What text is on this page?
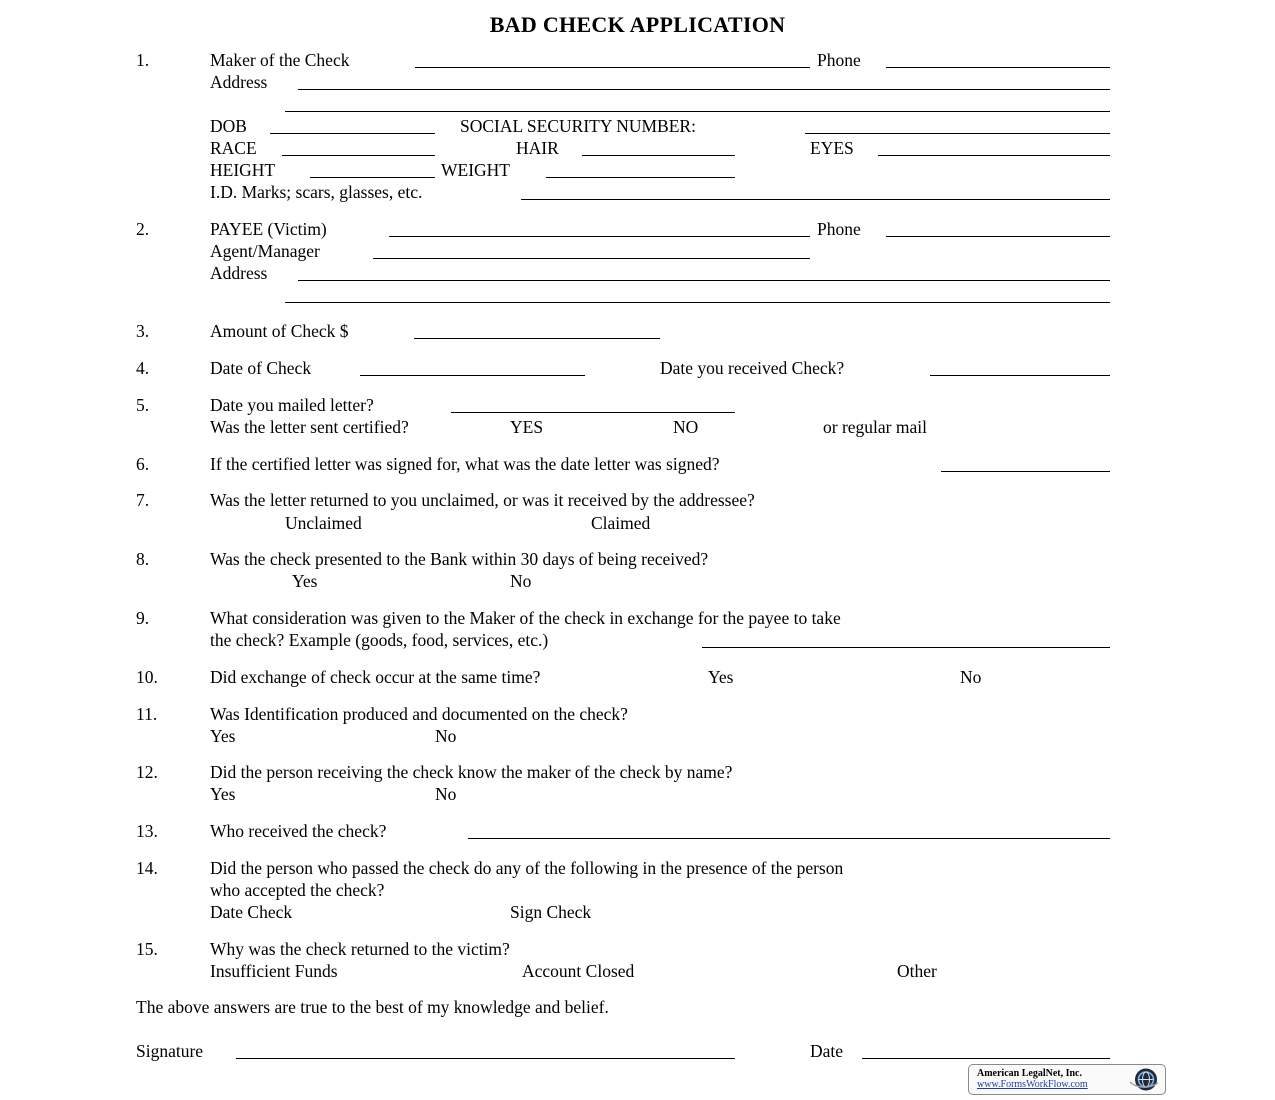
BAD CHECK APPLICATION
1.	Maker of the Check	Phone
Address
DOB	SOCIAL SECURITY NUMBER:
RACE	HAIR	EYES
HEIGHT	WEIGHT
I.D. Marks; scars, glasses, etc.
2.	PAYEE (Victim)	Phone
Agent/Manager
Address
3.	Amount of Check $
4.	Date of Check	Date you received Check?
5.	Date you mailed letter?
Was the letter sent certified?	YES	NO	or regular mail
6.	If the certified letter was signed for, what was the date letter was signed?
7.	Was the letter returned to you unclaimed, or was it received by the addressee?
Unclaimed	Claimed
8.	Was the check presented to the Bank within 30 days of being received?
Yes	No
9.	What consideration was given to the Maker of the check in exchange for the payee to take
the check? Example (goods, food, services, etc.)
10.	Did exchange of check occur at the same time?	Yes	No
11.	Was Identification produced and documented on the check?
Yes	No
12.	Did the person receiving the check know the maker of the check by name?
Yes	No
13.	Who received the check?
14.	Did the person who passed the check do any of the following in the presence of the person
who accepted the check?
Date Check	Sign Check
15.	Why was the check returned to the victim?
Insufficient Funds	Account Closed	Other
The above answers are true to the best of my knowledge and belief.
Signature	Date
American LegalNet, Inc.
www.FormsWorkFlow.com
